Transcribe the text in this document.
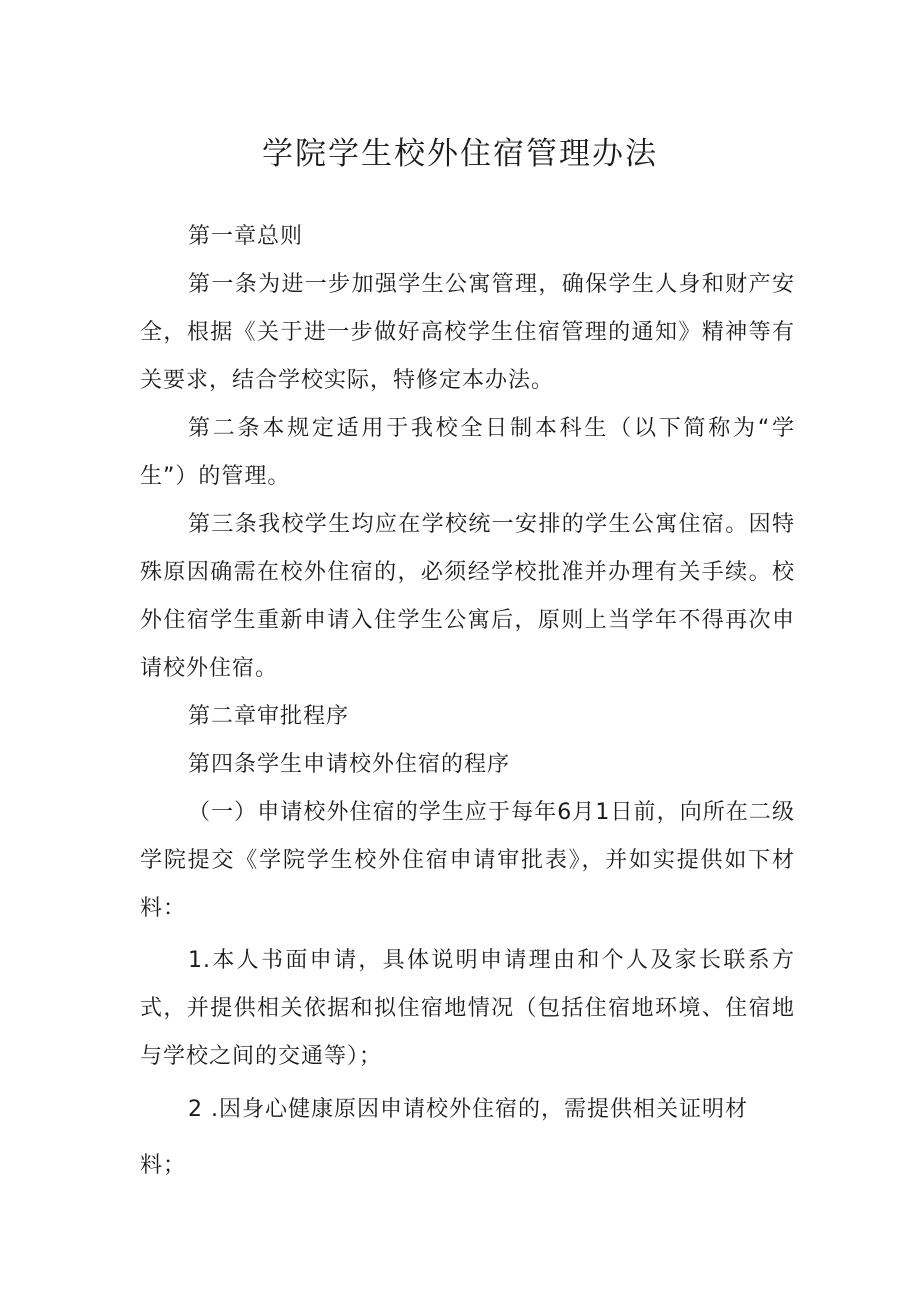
学院学生校外住宿管理办法

第一章总则

第一条为进一步加强学生公寓管理，确保学生人身和财产安全，根据《关于进一步做好高校学生住宿管理的通知》精神等有关要求，结合学校实际，特修定本办法。

第二条本规定适用于我校全日制本科生（以下简称为“学生”）的管理。

第三条我校学生均应在学校统一安排的学生公寓住宿。因特殊原因确需在校外住宿的，必须经学校批准并办理有关手续。校外住宿学生重新申请入住学生公寓后，原则上当学年不得再次申请校外住宿。

第二章审批程序

第四条学生申请校外住宿的程序

（一）申请校外住宿的学生应于每年6月1日前，向所在二级学院提交《学院学生校外住宿申请审批表》，并如实提供如下材料：

1.本人书面申请，具体说明申请理由和个人及家长联系方式，并提供相关依据和拟住宿地情况（包括住宿地环境、住宿地与学校之间的交通等）；

2 .因身心健康原因申请校外住宿的，需提供相关证明材

料；
